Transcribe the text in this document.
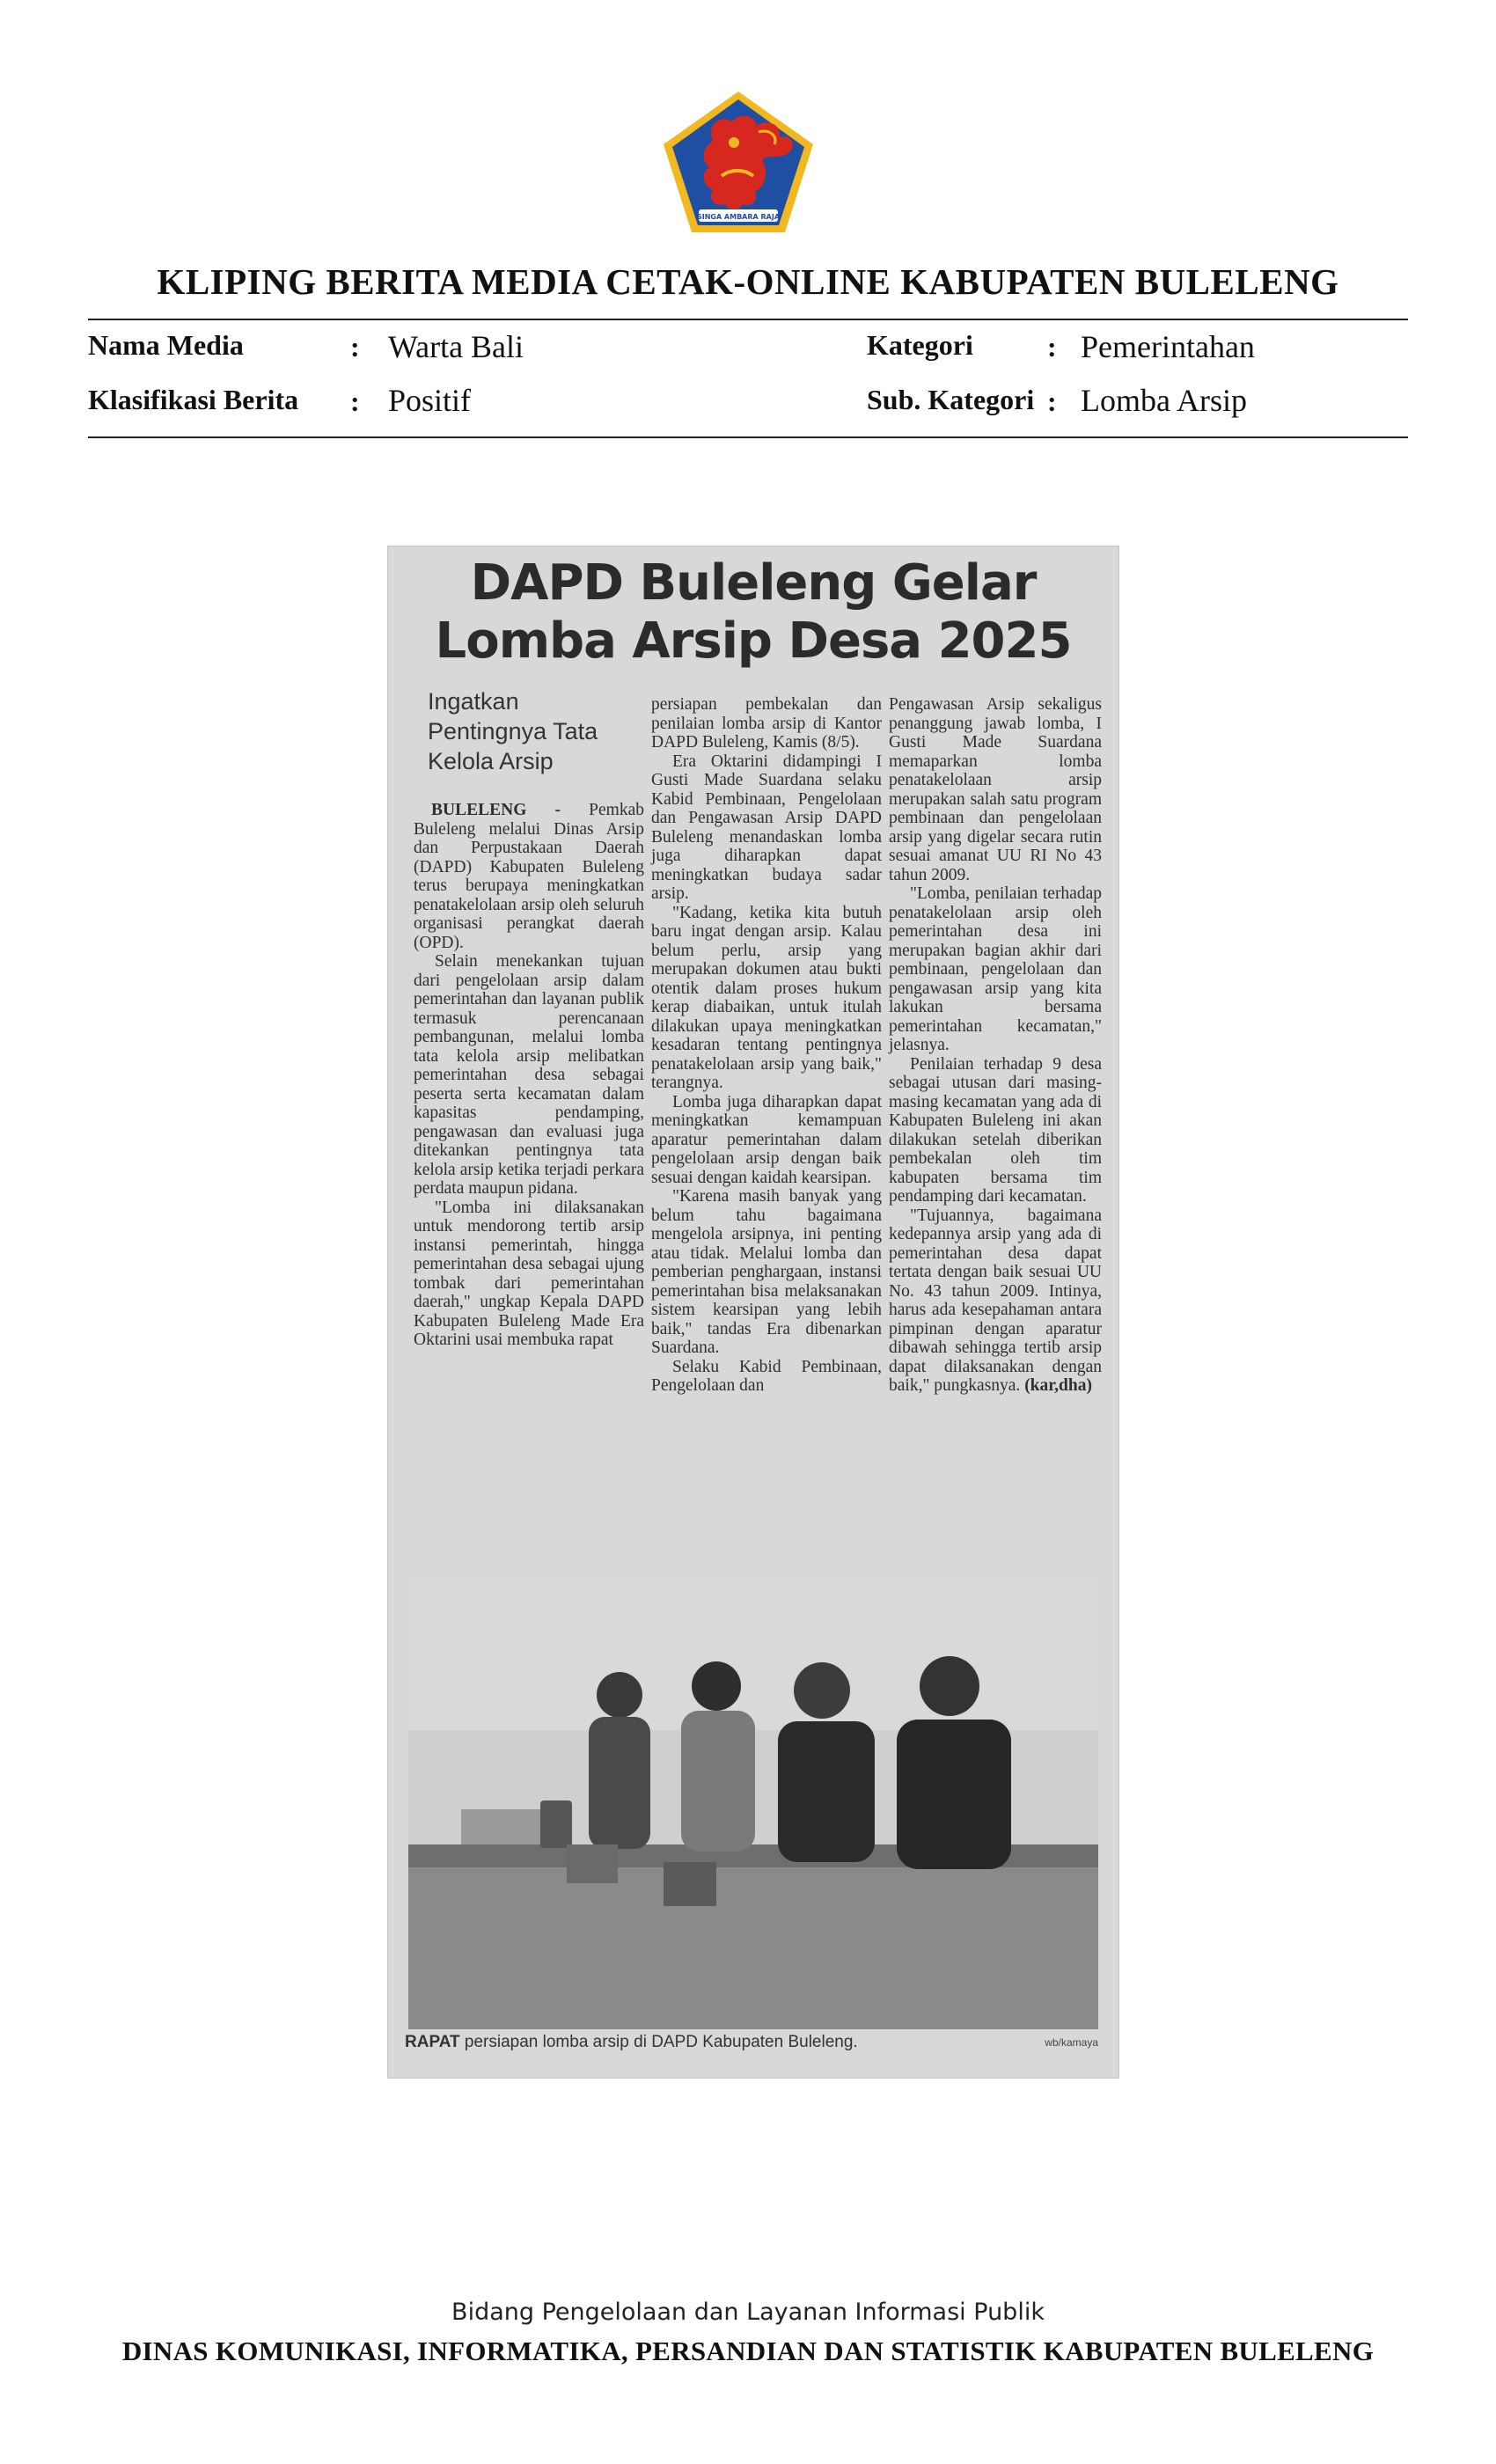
SINGA AMBARA RAJA
KLIPING BERITA MEDIA CETAK-ONLINE KABUPATEN BULELENG
Nama Media	: Warta Bali
Klasifikasi Berita : Positif
Kategori	: Pemerintahan
Sub. Kategori : Lomba Arsip
DAPD Buleleng Gelar
Lomba Arsip Desa 2025
Ingatkan Pentingnya Tata Kelola Arsip

BULELENG - Pemkab Buleleng melalui Dinas Arsip dan Perpustakaan Daerah (DAPD) Kabupaten Buleleng terus berupaya meningkatkan penatakelolaan arsip oleh seluruh organisasi perangkat daerah (OPD).

Selain menekankan tujuan dari pengelolaan arsip dalam pemerintahan dan layanan publik termasuk perencanaan pembangunan, melalui lomba tata kelola arsip melibatkan pemerintahan desa sebagai peserta serta kecamatan dalam kapasitas pendamping, pengawasan dan evaluasi juga ditekankan pentingnya tata kelola arsip ketika terjadi perkara perdata maupun pidana.

"Lomba ini dilaksanakan untuk mendorong tertib arsip instansi pemerintah, hingga pemerintahan desa sebagai ujung tombak dari pemerintahan daerah," ungkap Kepala DAPD Kabupaten Buleleng Made Era Oktarini usai membuka rapat

persiapan pembekalan dan penilaian lomba arsip di Kantor DAPD Buleleng, Kamis (8/5).

Era Oktarini didampingi I Gusti Made Suardana selaku Kabid Pembinaan, Pengelolaan dan Pengawasan Arsip DAPD Buleleng menandaskan lomba juga diharapkan dapat meningkatkan budaya sadar arsip.

"Kadang, ketika kita butuh baru ingat dengan arsip. Kalau belum perlu, arsip yang merupakan dokumen atau bukti otentik dalam proses hukum kerap diabaikan, untuk itulah dilakukan upaya meningkatkan kesadaran tentang pentingnya penatakelolaan arsip yang baik," terangnya.

Lomba juga diharapkan dapat meningkatkan kemampuan aparatur pemerintahan dalam pengelolaan arsip dengan baik sesuai dengan kaidah kearsipan.

"Karena masih banyak yang belum tahu bagaimana mengelola arsipnya, ini penting atau tidak. Melalui lomba dan pemberian penghargaan, instansi pemerintahan bisa melaksanakan sistem kearsipan yang lebih baik," tandas Era dibenarkan Suardana.

Selaku Kabid Pembinaan, Pengelolaan dan

Pengawasan Arsip sekaligus penanggung jawab lomba, I Gusti Made Suardana memaparkan lomba penatakelolaan arsip merupakan salah satu program pembinaan dan pengelolaan arsip yang digelar secara rutin sesuai amanat UU RI No 43 tahun 2009.

"Lomba, penilaian terhadap penatakelolaan arsip oleh pemerintahan desa ini merupakan bagian akhir dari pembinaan, pengelolaan dan pengawasan arsip yang kita lakukan bersama pemerintahan kecamatan," jelasnya.

Penilaian terhadap 9 desa sebagai utusan dari masing-masing kecamatan yang ada di Kabupaten Buleleng ini akan dilakukan setelah diberikan pembekalan oleh tim kabupaten bersama tim pendamping dari kecamatan.

"Tujuannya, bagaimana kedepannya arsip yang ada di pemerintahan desa dapat tertata dengan baik sesuai UU No. 43 tahun 2009. Intinya, harus ada kesepahaman antara pimpinan dengan aparatur dibawah sehingga tertib arsip dapat dilaksanakan dengan baik," pungkasnya. (kar,dha)

RAPAT persiapan lomba arsip di DAPD Kabupaten Buleleng.	wb/kamaya
Bidang Pengelolaan dan Layanan Informasi Publik
DINAS KOMUNIKASI, INFORMATIKA, PERSANDIAN DAN STATISTIK KABUPATEN BULELENG
